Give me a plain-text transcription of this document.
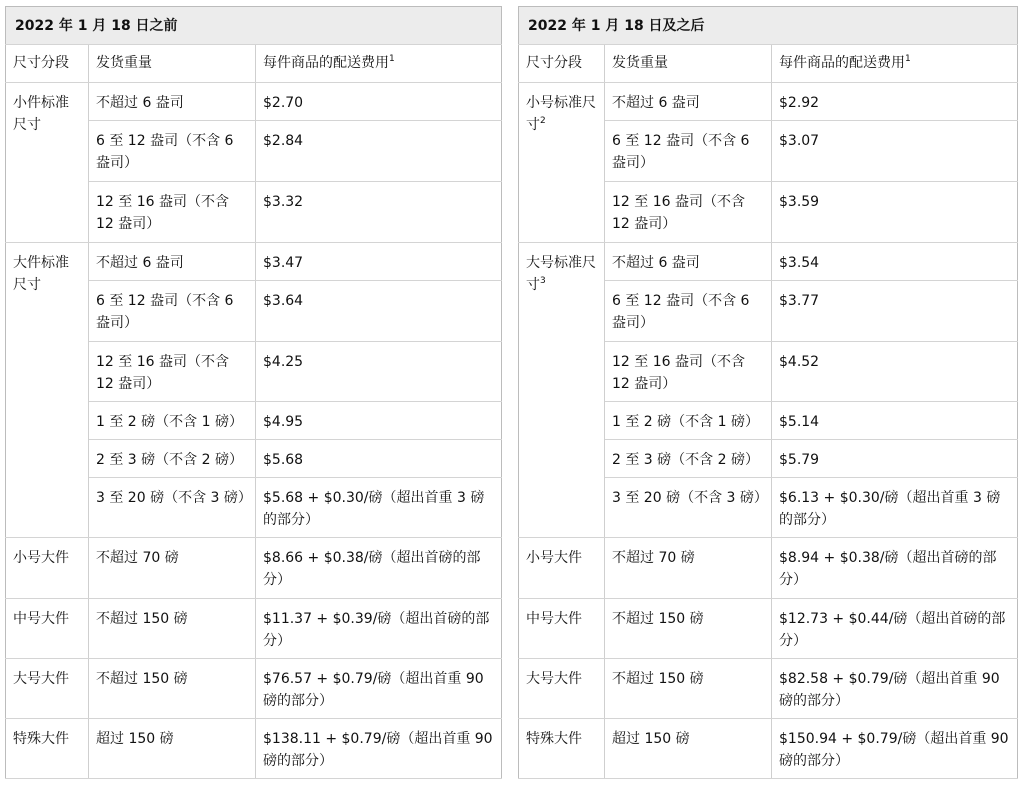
2022 年 1 月 18 日之前		
尺寸分段	发货重量	每件商品的配送费用$^1$
小件标准尺寸	不超过 6 盎司	$2.70
	6 至 12 盎司（不含 6 盎司）	$2.84
	12 至 16 盎司（不含 12 盎司）	$3.32
大件标准尺寸	不超过 6 盎司	$3.47
	6 至 12 盎司（不含 6 盎司）	$3.64
	12 至 16 盎司（不含 12 盎司）	$4.25
	1 至 2 磅（不含 1 磅）	$4.95
	2 至 3 磅（不含 2 磅）	$5.68
	3 至 20 磅（不含 3 磅）	$5.68 + $0.30/磅（超出首重 3 磅的部分）
小号大件	不超过 70 磅	$8.66 + $0.38/磅（超出首磅的部分）
中号大件	不超过 150 磅	$11.37 + $0.39/磅（超出首磅的部分）
大号大件	不超过 150 磅	$76.57 + $0.79/磅（超出首重 90 磅的部分）
特殊大件	超过 150 磅	$138.11 + $0.79/磅（超出首重 90 磅的部分）
2022 年 1 月 18 日及之后		
尺寸分段	发货重量	每件商品的配送费用$^1$
小号标准尺寸$^2$	不超过 6 盎司	$2.92
	6 至 12 盎司（不含 6 盎司）	$3.07
	12 至 16 盎司（不含 12 盎司）	$3.59
大号标准尺寸$^3$	不超过 6 盎司	$3.54
	6 至 12 盎司（不含 6 盎司）	$3.77
	12 至 16 盎司（不含 12 盎司）	$4.52
	1 至 2 磅（不含 1 磅）	$5.14
	2 至 3 磅（不含 2 磅）	$5.79
	3 至 20 磅（不含 3 磅）	$6.13 + $0.30/磅（超出首重 3 磅的部分）
小号大件	不超过 70 磅	$8.94 + $0.38/磅（超出首磅的部分）
中号大件	不超过 150 磅	$12.73 + $0.44/磅（超出首磅的部分）
大号大件	不超过 150 磅	$82.58 + $0.79/磅（超出首重 90 磅的部分）
特殊大件	超过 150 磅	$150.94 + $0.79/磅（超出首重 90 磅的部分）
